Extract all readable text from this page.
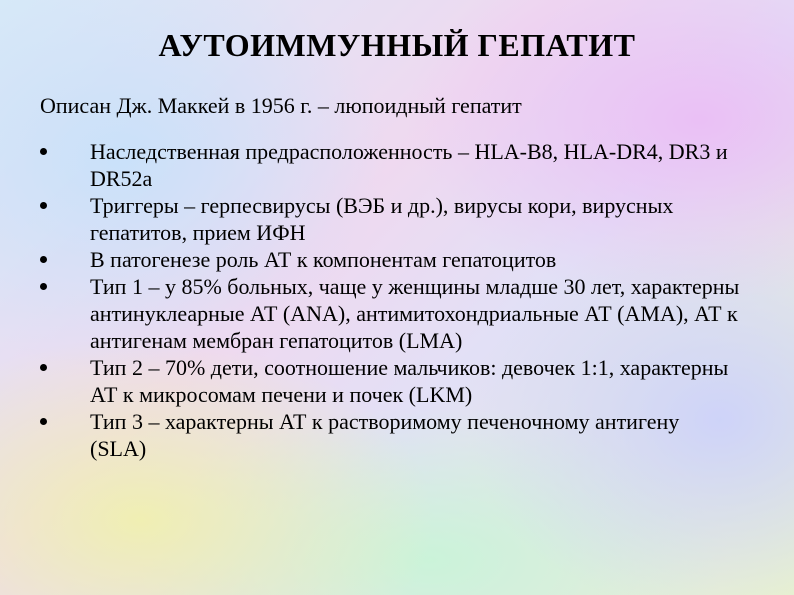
АУТОИММУННЫЙ ГЕПАТИТ
Описан Дж. Маккей в 1956 г. – люпоидный гепатит
Наследственная предрасположенность – HLA-B8, HLA-DR4, DR3 и DR52a
Триггеры – герпесвирусы (ВЭБ и др.), вирусы кори, вирусных гепатитов, прием ИФН
В патогенезе роль АТ к компонентам гепатоцитов
Тип 1 – у 85% больных, чаще у женщины младше 30 лет, характерны антинуклеарные АТ (ANA), антимитохондриальные АТ (АМА), АТ к антигенам мембран гепатоцитов (LMA)
Тип 2 – 70% дети, соотношение мальчиков: девочек 1:1, характерны АТ к микросомам печени и почек (LKM)
Тип 3 – характерны АТ к растворимому печеночному антигену (SLA)
